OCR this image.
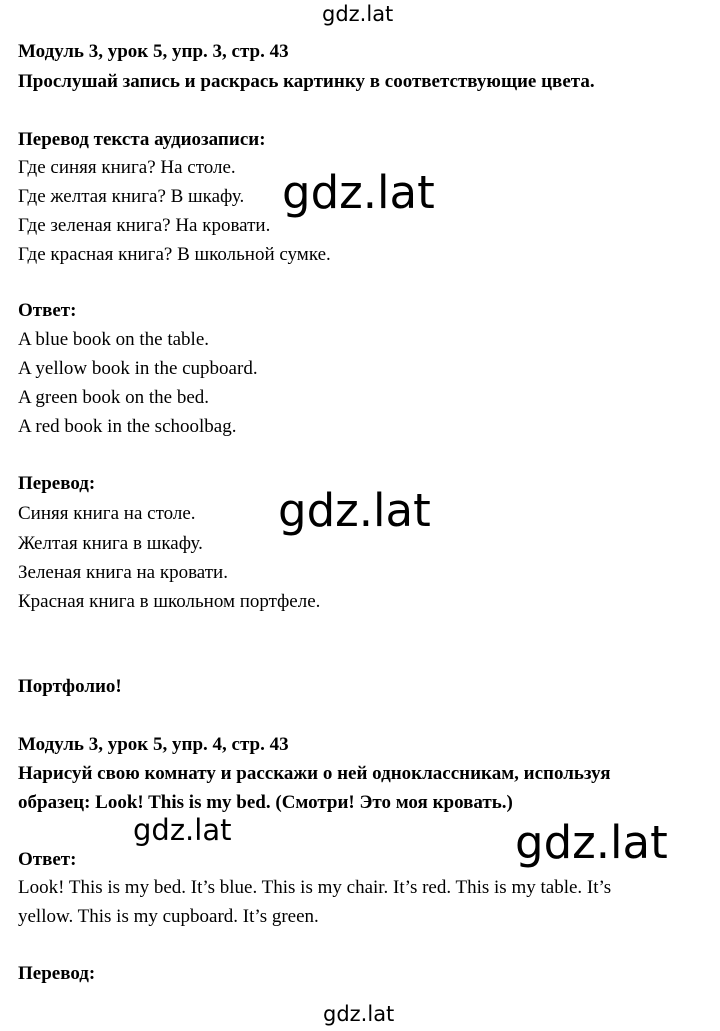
gdz.lat
gdz.lat
gdz.lat
gdz.lat	gdz.lat
gdz.lat
Модуль 3, урок 5, упр. 3, стр. 43
Прослушай запись и раскрась картинку в соответствующие цвета.
Перевод текста аудиозаписи:
Где синяя книга? На столе.
Где желтая книга? В шкафу.
Где зеленая книга? На кровати.
Где красная книга? В школьной сумке.
Ответ:
A blue book on the table.
A yellow book in the cupboard.
A green book on the bed.
A red book in the schoolbag.
Перевод:
Синяя книга на столе.
Желтая книга в шкафу.
Зеленая книга на кровати.
Красная книга в школьном портфеле.
Портфолио!
Модуль 3, урок 5, упр. 4, стр. 43
Нарисуй свою комнату и расскажи о ней одноклассникам, используя
образец: Look! This is my bed. (Смотри! Это моя кровать.)
Ответ:
Look! This is my bed. It’s blue. This is my chair. It’s red. This is my table. It’s
yellow. This is my cupboard. It’s green.
Перевод:
